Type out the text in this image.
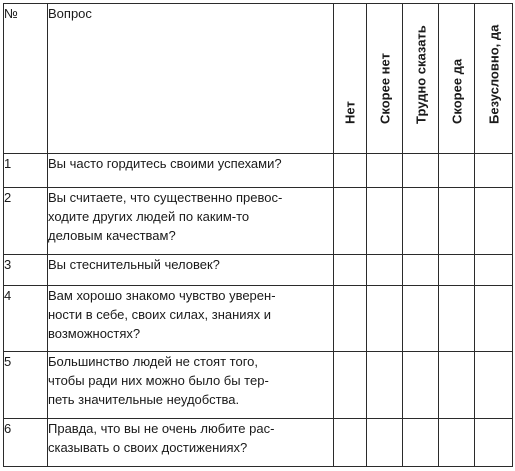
№	Вопрос	Нет	Скорее нет	Трудно сказать	Скорее да	Безусловно, да

1	Вы часто гордитесь своими успехами?					

2	Вы считаете, что существенно превос-
ходите других людей по каким-то
деловым качествам?					

3	Вы стеснительный человек?					

4	Вам хорошо знакомо чувство уверен-
ности в себе, своих силах, знаниях и
возможностях?					

5	Большинство людей не стоят того,
чтобы ради них можно было бы тер-
петь значительные неудобства.					

6	Правда, что вы не очень любите рас-
сказывать о своих достижениях?					
